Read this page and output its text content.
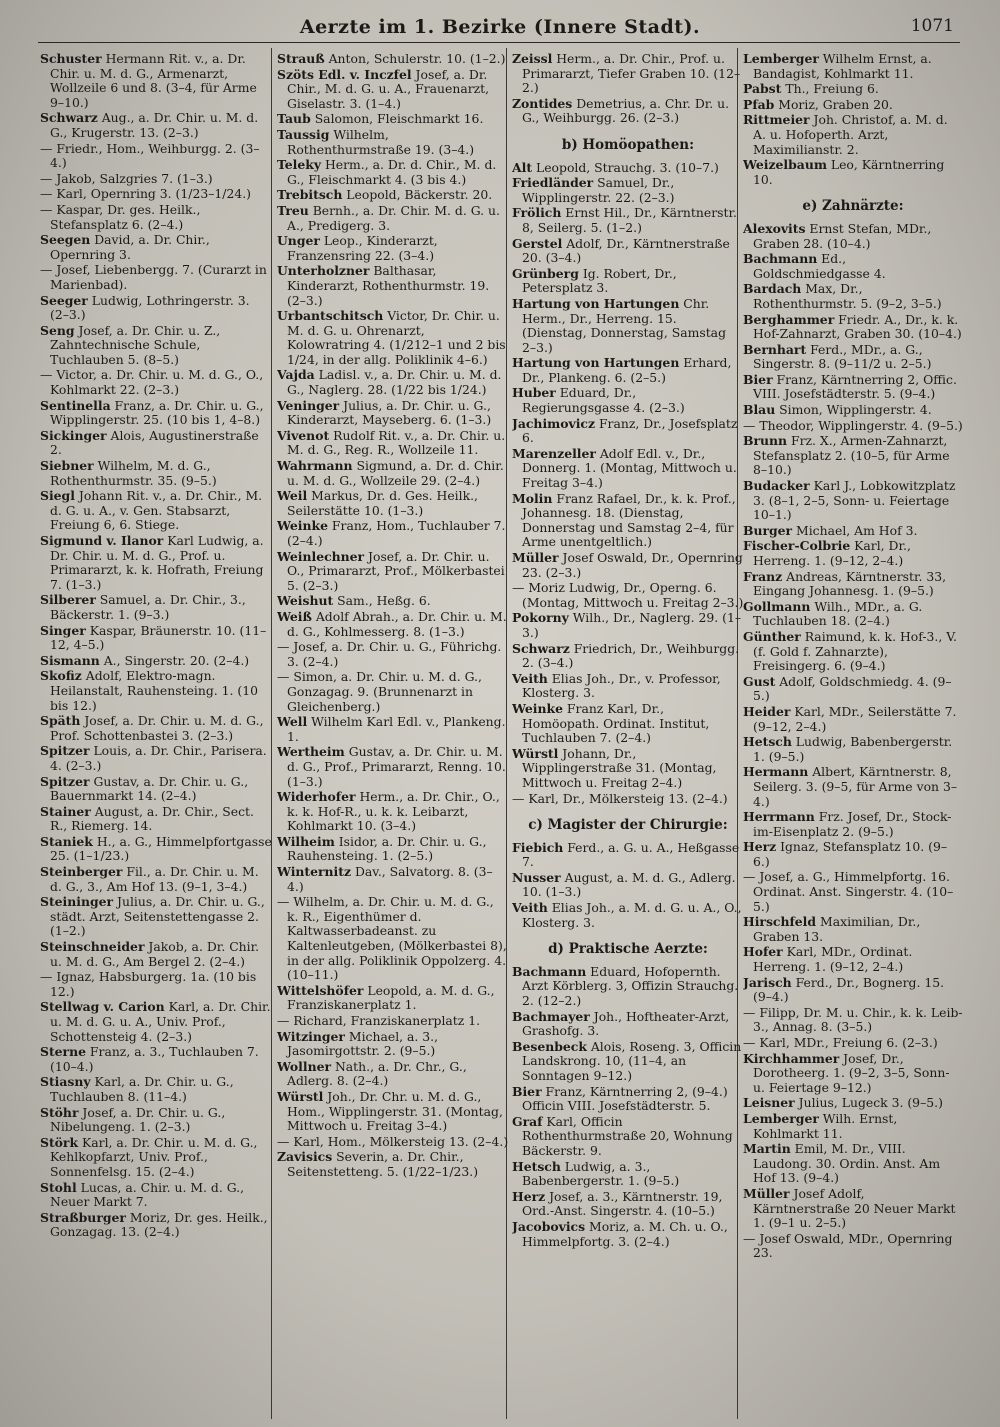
Aerzte im 1. Bezirke (Innere Stadt).	1071
Schuster Hermann Rit. v., a. Dr. Chir. u. M. d. G., Armenarzt, Wollzeile 6 und 8. (3–4, für Arme 9–10.)
Schwarz Aug., a. Dr. Chir. u. M. d. G., Krugerstr. 13. (2–3.)
— Friedr., Hom., Weihburgg. 2. (3–4.)
— Jakob, Salzgries 7. (1–3.)
— Karl, Opernring 3. (1/23–1/24.)
— Kaspar, Dr. ges. Heilk., Stefansplatz 6. (2–4.)
Seegen David, a. Dr. Chir., Opernring 3.
— Josef, Liebenbergg. 7. (Curarzt in Marienbad).
Seeger Ludwig, Lothringerstr. 3. (2–3.)
Seng Josef, a. Dr. Chir. u. Z., Zahntechnische Schule, Tuchlauben 5. (8–5.)
— Victor, a. Dr. Chir. u. M. d. G., O., Kohlmarkt 22. (2–3.)
Sentinella Franz, a. Dr. Chir. u. G., Wipplingerstr. 25. (10 bis 1, 4–8.)
Sickinger Alois, Augustinerstraße 2.
Siebner Wilhelm, M. d. G., Rothenthurmstr. 35. (9–5.)
Siegl Johann Rit. v., a. Dr. Chir., M. d. G. u. A., v. Gen. Stabsarzt, Freiung 6, 6. Stiege.
Sigmund v. Ilanor Karl Ludwig, a. Dr. Chir. u. M. d. G., Prof. u. Primararzt, k. k. Hofrath, Freiung 7. (1–3.)
Silberer Samuel, a. Dr. Chir., 3., Bäckerstr. 1. (9–3.)
Singer Kaspar, Bräunerstr. 10. (11–12, 4–5.)
Sismann A., Singerstr. 20. (2–4.)
Skofiz Adolf, Elektro-magn. Heilanstalt, Rauhensteing. 1. (10 bis 12.)
Späth Josef, a. Dr. Chir. u. M. d. G., Prof. Schottenbastei 3. (2–3.)
Spitzer Louis, a. Dr. Chir., Parisera. 4. (2–3.)
Spitzer Gustav, a. Dr. Chir. u. G., Bauernmarkt 14. (2–4.)
Stainer August, a. Dr. Chir., Sect. R., Riemerg. 14.
Staniek H., a. G., Himmelpfortgasse 25. (1–1/23.)
Steinberger Fil., a. Dr. Chir. u. M. d. G., 3., Am Hof 13. (9–1, 3–4.)
Steininger Julius, a. Dr. Chir. u. G., städt. Arzt, Seitenstettengasse 2. (1–2.)
Steinschneider Jakob, a. Dr. Chir. u. M. d. G., Am Bergel 2. (2–4.)
— Ignaz, Habsburgerg. 1a. (10 bis 12.)
Stellwag v. Carion Karl, a. Dr. Chir. u. M. d. G. u. A., Univ. Prof., Schottensteig 4. (2–3.)
Sterne Franz, a. 3., Tuchlauben 7. (10–4.)
Stiasny Karl, a. Dr. Chir. u. G., Tuchlauben 8. (11–4.)
Stöhr Josef, a. Dr. Chir. u. G., Nibelungeng. 1. (2–3.)
Störk Karl, a. Dr. Chir. u. M. d. G., Kehlkopfarzt, Univ. Prof., Sonnenfelsg. 15. (2–4.)
Stohl Lucas, a. Chir. u. M. d. G., Neuer Markt 7.
Straßburger Moriz, Dr. ges. Heilk., Gonzagag. 13. (2–4.)
Strauß Anton, Schulerstr. 10. (1–2.)
Szöts Edl. v. Inczfel Josef, a. Dr. Chir., M. d. G. u. A., Frauenarzt, Giselastr. 3. (1–4.)
Taub Salomon, Fleischmarkt 16.
Taussig Wilhelm, Rothenthurmstraße 19. (3–4.)
Teleky Herm., a. Dr. d. Chir., M. d. G., Fleischmarkt 4. (3 bis 4.)
Trebitsch Leopold, Bäckerstr. 20.
Treu Bernh., a. Dr. Chir. M. d. G. u. A., Predigerg. 3.
Unger Leop., Kinderarzt, Franzensring 22. (3–4.)
Unterholzner Balthasar, Kinderarzt, Rothenthurmstr. 19. (2–3.)
Urbantschitsch Victor, Dr. Chir. u. M. d. G. u. Ohrenarzt, Kolowratring 4. (1/212–1 und 2 bis 1/24, in der allg. Poliklinik 4–6.)
Vajda Ladisl. v., a. Dr. Chir. u. M. d. G., Naglerg. 28. (1/22 bis 1/24.)
Veninger Julius, a. Dr. Chir. u. G., Kinderarzt, Mayseberg. 6. (1–3.)
Vivenot Rudolf Rit. v., a. Dr. Chir. u. M. d. G., Reg. R., Wollzeile 11.
Wahrmann Sigmund, a. Dr. d. Chir. u. M. d. G., Wollzeile 29. (2–4.)
Weil Markus, Dr. d. Ges. Heilk., Seilerstätte 10. (1–3.)
Weinke Franz, Hom., Tuchlauber 7. (2–4.)
Weinlechner Josef, a. Dr. Chir. u. O., Primararzt, Prof., Mölkerbastei 5. (2–3.)
Weishut Sam., Heßg. 6.
Weiß Adolf Abrah., a. Dr. Chir. u. M. d. G., Kohlmesserg. 8. (1–3.)
— Josef, a. Dr. Chir. u. G., Führichg. 3. (2–4.)
— Simon, a. Dr. Chir. u. M. d. G., Gonzagag. 9. (Brunnenarzt in Gleichenberg.)
Well Wilhelm Karl Edl. v., Plankeng. 1.
Wertheim Gustav, a. Dr. Chir. u. M. d. G., Prof., Primararzt, Renng. 10. (1–3.)
Widerhofer Herm., a. Dr. Chir., O., k. k. Hof-R., u. k. k. Leibarzt, Kohlmarkt 10. (3–4.)
Wilheim Isidor, a. Dr. Chir. u. G., Rauhensteing. 1. (2–5.)
Winternitz Dav., Salvatorg. 8. (3–4.)
— Wilhelm, a. Dr. Chir. u. M. d. G., k. R., Eigenthümer d. Kaltwasserbadeanst. zu Kaltenleutgeben, (Mölkerbastei 8), in der allg. Poliklinik Oppolzerg. 4. (10–11.)
Wittelshöfer Leopold, a. M. d. G., Franziskanerplatz 1.
— Richard, Franziskanerplatz 1.
Witzinger Michael, a. 3., Jasomirgottstr. 2. (9–5.)
Wollner Nath., a. Dr. Chr., G., Adlerg. 8. (2–4.)
Würstl Joh., Dr. Chr. u. M. d. G., Hom., Wipplingerstr. 31. (Montag, Mittwoch u. Freitag 3–4.)
— Karl, Hom., Mölkersteig 13. (2–4.)
Zavisics Severin, a. Dr. Chir., Seitenstetteng. 5. (1/22–1/23.)
Zeissl Herm., a. Dr. Chir., Prof. u. Primararzt, Tiefer Graben 10. (12–2.)
Zontides Demetrius, a. Chr. Dr. u. G., Weihburgg. 26. (2–3.)
b) Homöopathen:
Alt Leopold, Strauchg. 3. (10–7.)
Friedländer Samuel, Dr., Wipplingerstr. 22. (2–3.)
Frölich Ernst Hil., Dr., Kärntnerstr. 8, Seilerg. 5. (1–2.)
Gerstel Adolf, Dr., Kärntnerstraße 20. (3–4.)
Grünberg Ig. Robert, Dr., Petersplatz 3.
Hartung von Hartungen Chr. Herm., Dr., Herreng. 15. (Dienstag, Donnerstag, Samstag 2–3.)
Hartung von Hartungen Erhard, Dr., Plankeng. 6. (2–5.)
Huber Eduard, Dr., Regierungsgasse 4. (2–3.)
Jachimovicz Franz, Dr., Josefsplatz 6.
Marenzeller Adolf Edl. v., Dr., Donnerg. 1. (Montag, Mittwoch u. Freitag 3–4.)
Molin Franz Rafael, Dr., k. k. Prof., Johannesg. 18. (Dienstag, Donnerstag und Samstag 2–4, für Arme unentgeltlich.)
Müller Josef Oswald, Dr., Opernring 23. (2–3.)
— Moriz Ludwig, Dr., Operng. 6. (Montag, Mittwoch u. Freitag 2–3.)
Pokorny Wilh., Dr., Naglerg. 29. (1–3.)
Schwarz Friedrich, Dr., Weihburgg. 2. (3–4.)
Veith Elias Joh., Dr., v. Professor, Klosterg. 3.
Weinke Franz Karl, Dr., Homöopath. Ordinat. Institut, Tuchlauben 7. (2–4.)
Würstl Johann, Dr., Wipplingerstraße 31. (Montag, Mittwoch u. Freitag 2–4.)
— Karl, Dr., Mölkersteig 13. (2–4.)
c) Magister der Chirurgie:
Fiebich Ferd., a. G. u. A., Heßgasse 7.
Nusser August, a. M. d. G., Adlerg. 10. (1–3.)
Veith Elias Joh., a. M. d. G. u. A., O., Klosterg. 3.
d) Praktische Aerzte:
Bachmann Eduard, Hofopernth. Arzt Körblerg. 3, Offizin Strauchg. 2. (12–2.)
Bachmayer Joh., Hoftheater-Arzt, Grashofg. 3.
Besenbeck Alois, Roseng. 3, Officin Landskrong. 10, (11–4, an Sonntagen 9–12.)
Bier Franz, Kärntnerring 2, (9–4.) Officin VIII. Josefstädterstr. 5.
Graf Karl, Officin Rothenthurmstraße 20, Wohnung Bäckerstr. 9.
Hetsch Ludwig, a. 3., Babenbergerstr. 1. (9–5.)
Herz Josef, a. 3., Kärntnerstr. 19, Ord.-Anst. Singerstr. 4. (10–5.)
Jacobovics Moriz, a. M. Ch. u. O., Himmelpfortg. 3. (2–4.)
Lemberger Wilhelm Ernst, a. Bandagist, Kohlmarkt 11.
Pabst Th., Freiung 6.
Pfab Moriz, Graben 20.
Rittmeier Joh. Christof, a. M. d. A. u. Hofoperth. Arzt, Maximilianstr. 2.
Weizelbaum Leo, Kärntnerring 10.
e) Zahnärzte:
Alexovits Ernst Stefan, MDr., Graben 28. (10–4.)
Bachmann Ed., Goldschmiedgasse 4.
Bardach Max, Dr., Rothenthurmstr. 5. (9–2, 3–5.)
Berghammer Friedr. A., Dr., k. k. Hof-Zahnarzt, Graben 30. (10–4.)
Bernhart Ferd., MDr., a. G., Singerstr. 8. (9–11/2 u. 2–5.)
Bier Franz, Kärntnerring 2, Offic. VIII. Josefstädterstr. 5. (9–4.)
Blau Simon, Wipplingerstr. 4.
— Theodor, Wipplingerstr. 4. (9–5.)
Brunn Frz. X., Armen-Zahnarzt, Stefansplatz 2. (10–5, für Arme 8–10.)
Budacker Karl J., Lobkowitzplatz 3. (8–1, 2–5, Sonn- u. Feiertage 10–1.)
Burger Michael, Am Hof 3.
Fischer-Colbrie Karl, Dr., Herreng. 1. (9–12, 2–4.)
Franz Andreas, Kärntnerstr. 33, Eingang Johannesg. 1. (9–5.)
Gollmann Wilh., MDr., a. G. Tuchlauben 18. (2–4.)
Günther Raimund, k. k. Hof-3., V. (f. Gold f. Zahnarzte), Freisingerg. 6. (9–4.)
Gust Adolf, Goldschmiedg. 4. (9–5.)
Heider Karl, MDr., Seilerstätte 7. (9–12, 2–4.)
Hetsch Ludwig, Babenbergerstr. 1. (9–5.)
Hermann Albert, Kärntnerstr. 8, Seilerg. 3. (9–5, für Arme von 3–4.)
Herrmann Frz. Josef, Dr., Stock-im-Eisenplatz 2. (9–5.)
Herz Ignaz, Stefansplatz 10. (9–6.)
— Josef, a. G., Himmelpfortg. 16. Ordinat. Anst. Singerstr. 4. (10–5.)
Hirschfeld Maximilian, Dr., Graben 13.
Hofer Karl, MDr., Ordinat. Herreng. 1. (9–12, 2–4.)
Jarisch Ferd., Dr., Bognerg. 15. (9–4.)
— Filipp, Dr. M. u. Chir., k. k. Leib-3., Annag. 8. (3–5.)
— Karl, MDr., Freiung 6. (2–3.)
Kirchhammer Josef, Dr., Dorotheerg. 1. (9–2, 3–5, Sonn- u. Feiertage 9–12.)
Leisner Julius, Lugeck 3. (9–5.)
Lemberger Wilh. Ernst, Kohlmarkt 11.
Martin Emil, M. Dr., VIII. Laudong. 30. Ordin. Anst. Am Hof 13. (9–4.)
Müller Josef Adolf, Kärntnerstraße 20 Neuer Markt 1. (9–1 u. 2–5.)
— Josef Oswald, MDr., Opernring 23.
